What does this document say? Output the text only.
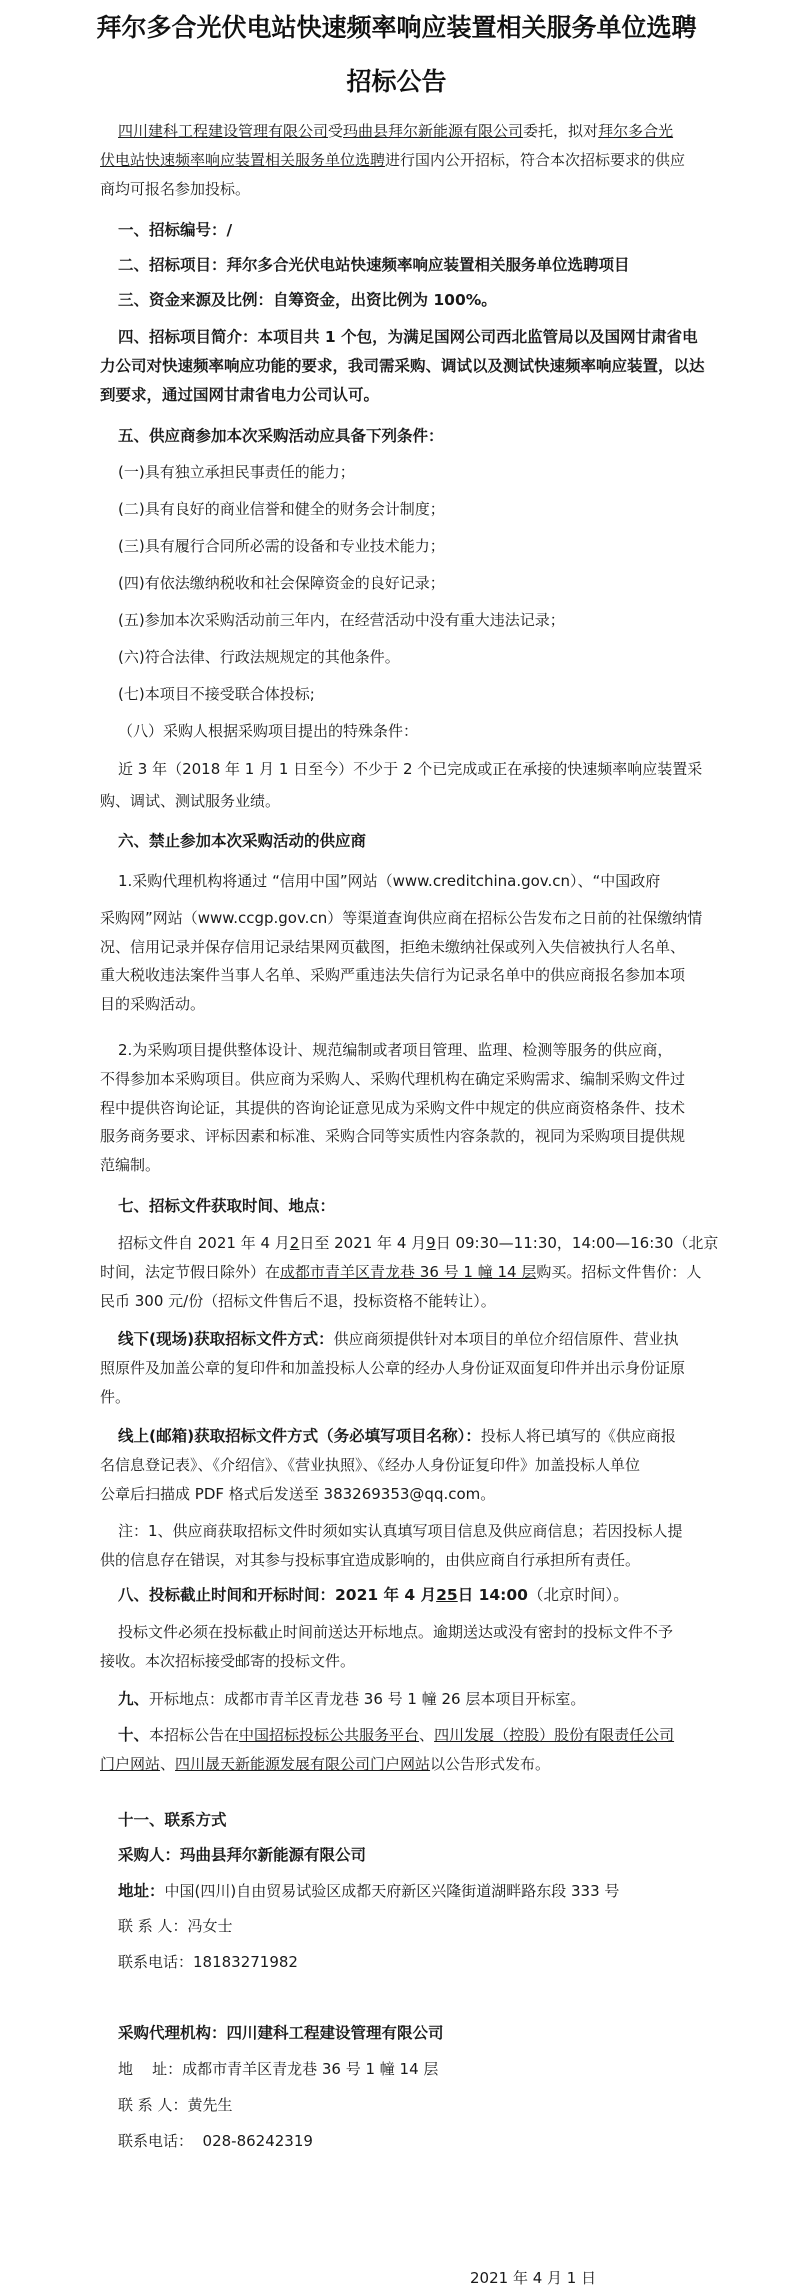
拜尔多合光伏电站快速频率响应装置相关服务单位选聘
招标公告
四川建科工程建设管理有限公司受玛曲县拜尔新能源有限公司委托，拟对拜尔多合光
伏电站快速频率响应装置相关服务单位选聘进行国内公开招标，符合本次招标要求的供应
商均可报名参加投标。
一、招标编号：/
二、招标项目：拜尔多合光伏电站快速频率响应装置相关服务单位选聘项目
三、资金来源及比例：自筹资金，出资比例为 100%。
四、招标项目简介：本项目共 1 个包，为满足国网公司西北监管局以及国网甘肃省电
力公司对快速频率响应功能的要求，我司需采购、调试以及测试快速频率响应装置，以达
到要求，通过国网甘肃省电力公司认可。
五、供应商参加本次采购活动应具备下列条件：
(一)具有独立承担民事责任的能力；
(二)具有良好的商业信誉和健全的财务会计制度；
(三)具有履行合同所必需的设备和专业技术能力；
(四)有依法缴纳税收和社会保障资金的良好记录；
(五)参加本次采购活动前三年内，在经营活动中没有重大违法记录；
(六)符合法律、行政法规规定的其他条件。
(七)本项目不接受联合体投标;
（八）采购人根据采购项目提出的特殊条件：
近 3 年（2018 年 1 月 1 日至今）不少于 2 个已完成或正在承接的快速频率响应装置采
购、调试、测试服务业绩。
六、禁止参加本次采购活动的供应商
1.采购代理机构将通过 “信用中国”网站（www.creditchina.gov.cn）、“中国政府
采购网”网站（www.ccgp.gov.cn）等渠道查询供应商在招标公告发布之日前的社保缴纳情
况、信用记录并保存信用记录结果网页截图，拒绝未缴纳社保或列入失信被执行人名单、
重大税收违法案件当事人名单、采购严重违法失信行为记录名单中的供应商报名参加本项
目的采购活动。
2.为采购项目提供整体设计、规范编制或者项目管理、监理、检测等服务的供应商，
不得参加本采购项目。供应商为采购人、采购代理机构在确定采购需求、编制采购文件过
程中提供咨询论证，其提供的咨询论证意见成为采购文件中规定的供应商资格条件、技术
服务商务要求、评标因素和标准、采购合同等实质性内容条款的，视同为采购项目提供规
范编制。
七、招标文件获取时间、地点：
招标文件自 2021 年 4 月2日至 2021 年 4 月9日 09:30—11:30，14:00—16:30（北京
时间，法定节假日除外）在成都市青羊区青龙巷 36 号 1 幢 14 层购买。招标文件售价：人
民币 300 元/份（招标文件售后不退，投标资格不能转让）。
线下(现场)获取招标文件方式：供应商须提供针对本项目的单位介绍信原件、营业执
照原件及加盖公章的复印件和加盖投标人公章的经办人身份证双面复印件并出示身份证原
件。
线上(邮箱)获取招标文件方式（务必填写项目名称）：投标人将已填写的《供应商报
名信息登记表》、《介绍信》、《营业执照》、《经办人身份证复印件》加盖投标人单位
公章后扫描成 PDF 格式后发送至 383269353@qq.com。
注：1、供应商获取招标文件时须如实认真填写项目信息及供应商信息；若因投标人提
供的信息存在错误，对其参与投标事宜造成影响的，由供应商自行承担所有责任。
八、投标截止时间和开标时间：2021 年 4 月25日 14:00（北京时间）。
投标文件必须在投标截止时间前送达开标地点。逾期送达或没有密封的投标文件不予
接收。本次招标接受邮寄的投标文件。
九、开标地点：成都市青羊区青龙巷 36 号 1 幢 26 层本项目开标室。
十、本招标公告在中国招标投标公共服务平台、四川发展（控股）股份有限责任公司
门户网站、四川晟天新能源发展有限公司门户网站以公告形式发布。
十一、联系方式
采购人：玛曲县拜尔新能源有限公司
地址：中国(四川)自由贸易试验区成都天府新区兴隆街道湖畔路东段 333 号
联 系 人：冯女士
联系电话：18183271982
采购代理机构：四川建科工程建设管理有限公司
地    址：成都市青羊区青龙巷 36 号 1 幢 14 层
联 系 人：黄先生
联系电话：  028-86242319
2021 年 4 月 1 日
